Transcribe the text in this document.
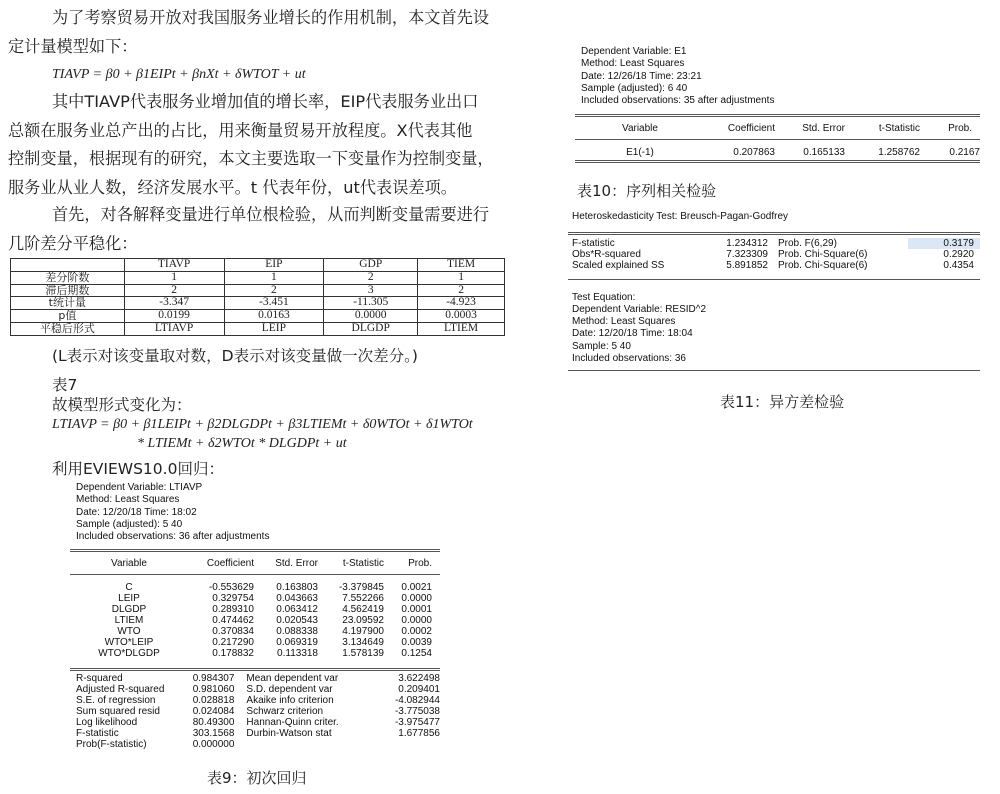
为了考察贸易开放对我国服务业增长的作用机制，本文首先设
定计量模型如下：
TIAVP = β0 + β1EIPt + βnXt + δWTOT + ut
其中TIAVP代表服务业增加值的增长率，EIP代表服务业出口
总额在服务业总产出的占比，用来衡量贸易开放程度。X代表其他
控制变量，根据现有的研究，本文主要选取一下变量作为控制变量，
服务业从业人数，经济发展水平。t 代表年份，ut代表误差项。
首先，对各解释变量进行单位根检验，从而判断变量需要进行
几阶差分平稳化：
	TIAVP	EIP	GDP	TIEM
差分阶数	1	1	2	1
滞后期数	2	2	3	2
t统计量	-3.347	-3.451	-11.305	-4.923
p值	0.0199	0.0163	0.0000	0.0003
平稳后形式	LTIAVP	LEIP	DLGDP	LTIEM
(L表示对该变量取对数，D表示对该变量做一次差分。)
表7
故模型形式变化为：
LTIAVP = β0 + β1LEIPt + β2DLGDPt + β3LTIEMt + δ0WTOt + δ1WTOt
* LTIEMt + δ2WTOt * DLGDPt + ut
利用EVIEWS10.0回归：
Dependent Variable: LTIAVP
Method: Least Squares
Date: 12/20/18 Time: 18:02
Sample (adjusted): 5 40
Included observations: 36 after adjustments
Variable	Coefficient	Std. Error	t-Statistic	Prob.

C	-0.553629	0.163803	-3.379845	0.0021
LEIP	0.329754	0.043663	7.552266	0.0000
DLGDP	0.289310	0.063412	4.562419	0.0001
LTIEM	0.474462	0.020543	23.09592	0.0000
WTO	0.370834	0.088338	4.197900	0.0002
WTO*LEIP	0.217290	0.069319	3.134649	0.0039
WTO*DLGDP	0.178832	0.113318	1.578139	0.1254

R-squared	0.984307	Mean dependent var	3.622498
Adjusted R-squared	0.981060	S.D. dependent var	0.209401
S.E. of regression	0.028818	Akaike info criterion	-4.082944
Sum squared resid	0.024084	Schwarz criterion	-3.775038
Log likelihood	80.49300	Hannan-Quinn criter.	-3.975477
F-statistic	303.1568	Durbin-Watson stat	1.677856
Prob(F-statistic)	0.000000		
表9：初次回归
Dependent Variable: E1
Method: Least Squares
Date: 12/26/18 Time: 23:21
Sample (adjusted): 6 40
Included observations: 35 after adjustments
Variable	Coefficient	Std. Error	t-Statistic	Prob.

E1(-1)	0.207863	0.165133	1.258762	0.2167

表10：序列相关检验
Heteroskedasticity Test: Breusch-Pagan-Godfrey

F-statistic	1.234312	Prob. F(6,29)	0.3179
Obs*R-squared	7.323309	Prob. Chi-Square(6)	0.2920
Scaled explained SS	5.891852	Prob. Chi-Square(6)	0.4354

Test Equation:
Dependent Variable: RESID^2
Method: Least Squares
Date: 12/20/18 Time: 18:04
Sample: 5 40
Included observations: 36
表11：异方差检验
